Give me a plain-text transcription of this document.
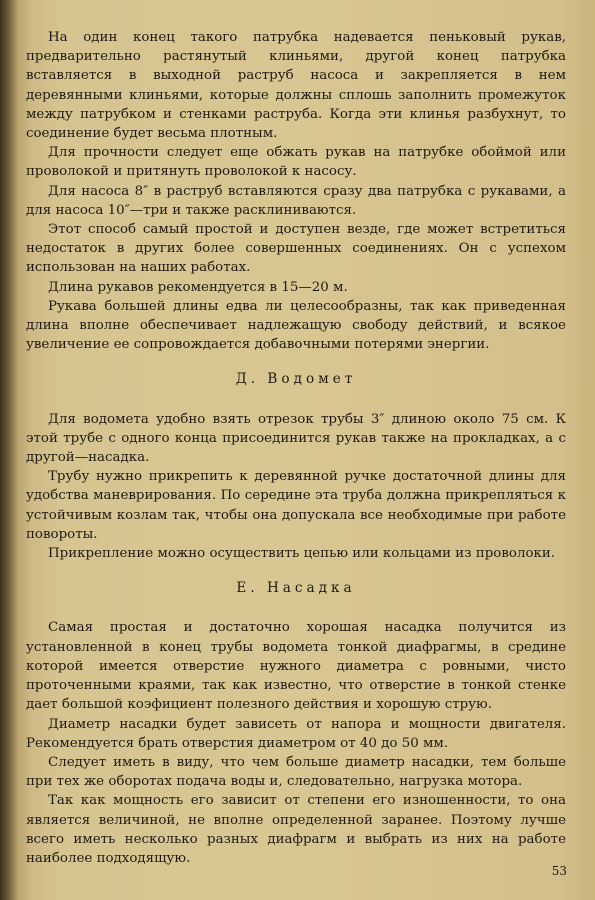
На один конец такого патрубка надевается пеньковый рукав, предварительно растянутый клиньями, другой конец патрубка вставляется в выходной раструб насоса и закрепляется в нем деревянными клиньями, которые должны сплошь заполнить промежуток между патрубком и стенками раструба. Когда эти клинья разбухнут, то соединение будет весьма плотным.

Для прочности следует еще обжать рукав на патрубке обоймой или проволокой и притянуть проволокой к насосу.

Для насоса 8″ в раструб вставляются сразу два патрубка с рукавами, а для насоса 10″—три и также расклиниваются.

Этот способ самый простой и доступен везде, где может встретиться недостаток в других более совершенных соединениях. Он с успехом использован на наших работах.

Длина рукавов рекомендуется в 15—20 м.

Рукава большей длины едва ли целесообразны, так как приведенная длина вполне обеспечивает надлежащую свободу действий, и всякое увеличение ее сопровождается добавочными потерями энергии.

Д. Водомет

Для водомета удобно взять отрезок трубы 3″ длиною около 75 см. К этой трубе с одного конца присоединится рукав также на прокладках, а с другой—насадка.

Трубу нужно прикрепить к деревянной ручке достаточной длины для удобства маневрирования. По середине эта труба должна прикрепляться к устойчивым козлам так, чтобы она допускала все необходимые при работе повороты.

Прикрепление можно осуществить цепью или кольцами из проволоки.

Е. Насадка

Самая простая и достаточно хорошая насадка получится из установленной в конец трубы водомета тонкой диафрагмы, в средине которой имеется отверстие нужного диаметра с ровными, чисто проточенными краями, так как известно, что отверстие в тонкой стенке дает большой коэфициент полезного действия и хорошую струю.

Диаметр насадки будет зависеть от напора и мощности двигателя. Рекомендуется брать отверстия диаметром от 40 до 50 мм.

Следует иметь в виду, что чем больше диаметр насадки, тем больше при тех же оборотах подача воды и, следовательно, нагрузка мотора.

Так как мощность его зависит от степени его изношенности, то она является величиной, не вполне определенной заранее. Поэтому лучше всего иметь несколько разных диафрагм и выбрать из них на работе наиболее подходящую.

53
